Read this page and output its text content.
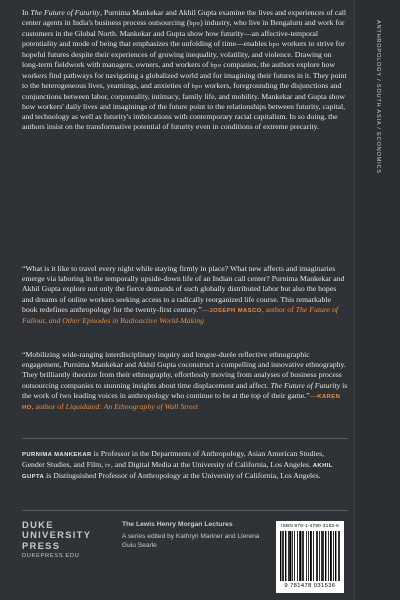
In The Future of Futurity, Purnima Mankekar and Akhil Gupta examine the lives and experiences of call center agents in India's business process outsourcing (bpo) industry, who live in Bengaluru and work for customers in the Global North. Mankekar and Gupta show how futurity—an affective-temporal potentiality and mode of being that emphasizes the unfolding of time—enables bpo workers to strive for hopeful futures despite their experiences of growing inequality, volatility, and violence. Drawing on long-term fieldwork with managers, owners, and workers of bpo companies, the authors explore how workers find pathways for navigating a globalized world and for imagining their futures in it. They point to the heterogeneous lives, yearnings, and anxieties of bpo workers, foregrounding the disjunctions and conjunctions between labor, corporeality, intimacy, family life, and mobility. Mankekar and Gupta show how workers' daily lives and imaginings of the future point to the relationships between futurity, capital, and technology as well as futurity's imbrications with contemporary racial capitalism. In so doing, the authors insist on the transformative potential of futurity even in conditions of extreme precarity.

“What is it like to travel every night while staying firmly in place? What new affects and imaginaries emerge via laboring in the temporally upside-down life of an Indian call center? Purnima Mankekar and Akhil Gupta explore not only the fierce demands of such globally distributed labor but also the hopes and dreams of online workers seeking access to a radically reorganized life course. This remarkable book redefines anthropology for the twenty-first century.”—JOSEPH MASCO, author of The Future of Fallout, and Other Episodes in Radioactive World-Making

“Mobilizing wide-ranging interdisciplinary inquiry and longue-durée reflective ethnographic engagement, Purnima Mankekar and Akhil Gupta coconstruct a compelling and innovative ethnography. They brilliantly theorize from their ethnography, effortlessly moving from analyses of business process outsourcing companies to stunning insights about time displacement and affect. The Future of Futurity is the work of two leading voices in anthropology who continue to be at the top of their game.”—KAREN HO, author of Liquidated: An Ethnography of Wall Street

PURNIMA MANKEKAR is Professor in the Departments of Anthropology, Asian American Studies, Gender Studies, and Film, tv, and Digital Media at the University of California, Los Angeles. AKHIL GUPTA is Distinguished Professor of Anthropology at the University of California, Los Angeles.

DUKE
UNIVERSITY
PRESS
DUKEPRESS.EDU
The Lewis Henry Morgan Lectures
A series edited by Kathryn Mariner and Llerena Guiu Searle
ISBN 978-1-4780-3153-6
9 781478 031536
ANTHROPOLOGY / SOUTH ASIA / ECONOMICS
